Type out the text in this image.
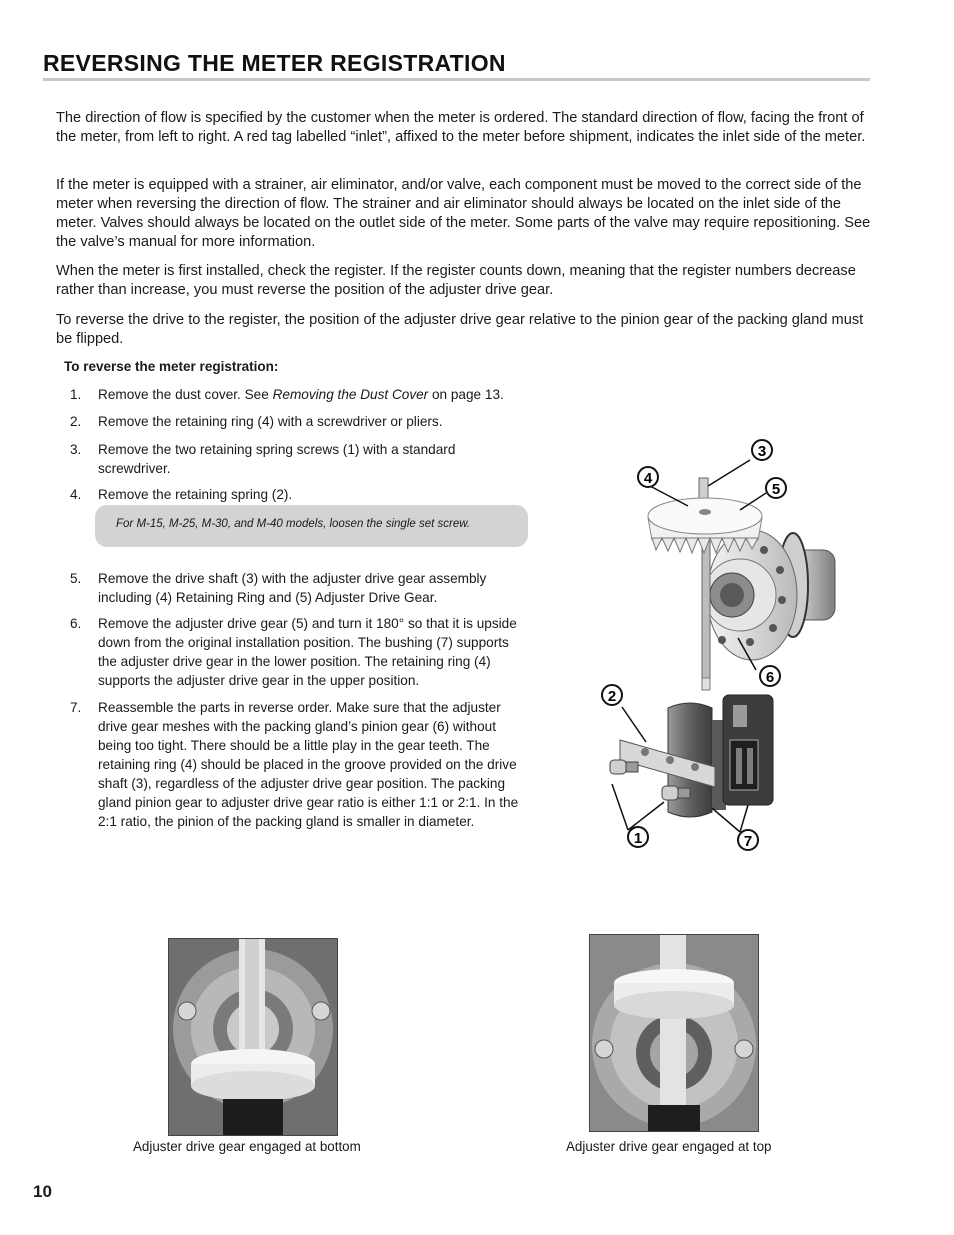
REVERSING THE METER REGISTRATION

The direction of flow is specified by the customer when the meter is ordered. The standard direction of flow, facing the front of the meter, from left to right. A red tag labelled “inlet”, affixed to the meter before shipment, indicates the inlet side of the meter.

If the meter is equipped with a strainer, air eliminator, and/or valve, each component must be moved to the correct side of the meter when reversing the direction of flow. The strainer and air eliminator should always be located on the inlet side of the meter. Valves should always be located on the outlet side of the meter. Some parts of the valve may require repositioning. See the valve’s manual for more information.

When the meter is first installed, check the register. If the register counts down, meaning that the register numbers decrease rather than increase, you must reverse the position of the adjuster drive gear.

To reverse the drive to the register, the position of the adjuster drive gear relative to the pinion gear of the packing gland must be flipped.

To reverse the meter registration:
1.	Remove the dust cover. See Removing the Dust Cover on page 13.
2.	Remove the retaining ring (4) with a screwdriver or pliers.
3.	Remove the two retaining spring screws (1) with a standard screwdriver.
4.	Remove the retaining spring (2).
For M-15, M-25, M-30, and M-40 models, loosen the single set screw.
5.	Remove the drive shaft (3) with the adjuster drive gear assembly including (4) Retaining Ring and (5) Adjuster Drive Gear.
6.	Remove the adjuster drive gear (5) and turn it 180° so that it is upside down from the original installation position. The bushing (7) supports the adjuster drive gear in the lower position. The retaining ring (4) supports the adjuster drive gear in the upper position.
7.	Reassemble the parts in reverse order. Make sure that the adjuster drive gear meshes with the packing gland’s pinion gear (6) without being too tight. There should be a little play in the gear teeth. The retaining ring (4) should be placed in the groove provided on the drive shaft (3), regardless of the adjuster drive gear position. The packing gland pinion gear to adjuster drive gear ratio is either 1:1 or 2:1. In the 2:1 ratio, the pinion of the packing gland is smaller in diameter.
4
3
5
6
2
1	7
Adjuster drive gear engaged at bottom	Adjuster drive gear engaged at top
10
